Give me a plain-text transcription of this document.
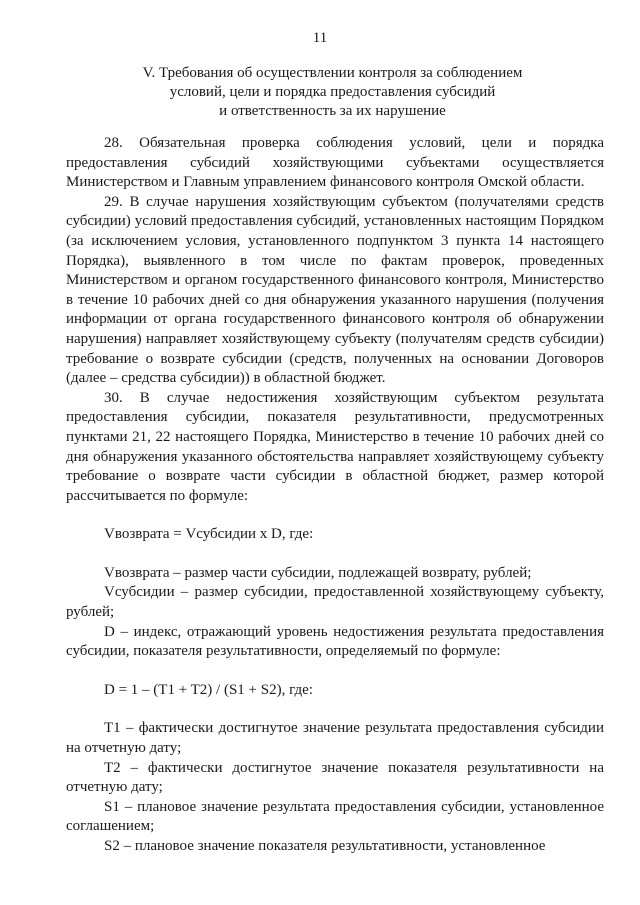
11
V. Требования об осуществлении контроля за соблюдением
условий, цели и порядка предоставления субсидий
и ответственность за их нарушение

28. Обязательная проверка соблюдения условий, цели и порядка предоставления субсидий хозяйствующими субъектами осуществляется Министерством и Главным управлением финансового контроля Омской области.

29. В случае нарушения хозяйствующим субъектом (получателями средств субсидии) условий предоставления субсидий, установленных настоящим Порядком (за исключением условия, установленного подпунктом 3 пункта 14 настоящего Порядка), выявленного в том числе по фактам проверок, проведенных Министерством и органом государственного финансового контроля, Министерство в течение 10 рабочих дней со дня обнаружения указанного нарушения (получения информации от органа государственного финансового контроля об обнаружении нарушения) направляет хозяйствующему субъекту (получателям средств субсидии) требование о возврате субсидии (средств, полученных на основании Договоров (далее – средства субсидии)) в областной бюджет.

30. В случае недостижения хозяйствующим субъектом результата предоставления субсидии, показателя результативности, предусмотренных пунктами 21, 22 настоящего Порядка, Министерство в течение 10 рабочих дней со дня обнаружения указанного обстоятельства направляет хозяйствующему субъекту требование о возврате части субсидии в областной бюджет, размер которой рассчитывается по формуле:

Vвозврата = Vсубсидии x D, где:

Vвозврата – размер части субсидии, подлежащей возврату, рублей;

Vсубсидии – размер субсидии, предоставленной хозяйствующему субъекту, рублей;

D – индекс, отражающий уровень недостижения результата предоставления субсидии, показателя результативности, определяемый по формуле:

D = 1 – (T1 + T2) / (S1 + S2), где:

T1 – фактически достигнутое значение результата предоставления субсидии на отчетную дату;

T2 – фактически достигнутое значение показателя результативности на отчетную дату;

S1 – плановое значение результата предоставления субсидии, установленное соглашением;

S2 – плановое значение показателя результативности, установленное
